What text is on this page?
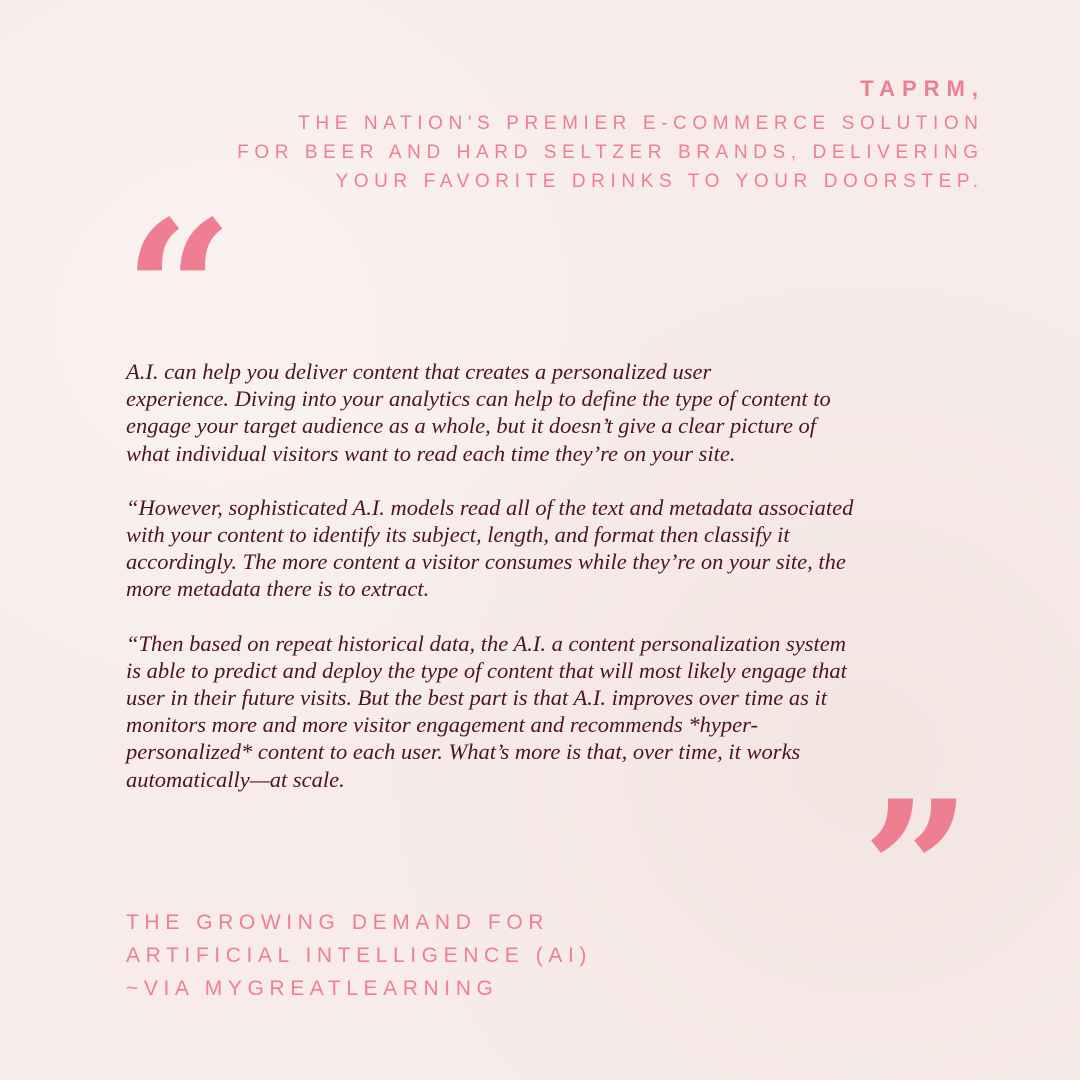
TAPRM,
THE NATION'S PREMIER E-COMMERCE SOLUTION
FOR BEER AND HARD SELTZER BRANDS, DELIVERING
YOUR FAVORITE DRINKS TO YOUR DOORSTEP.
“

A.I. can help you deliver content that creates a personalized user
experience. Diving into your analytics can help to define the type of content to
engage your target audience as a whole, but it doesn’t give a clear picture of
what individual visitors want to read each time they’re on your site.

“However, sophisticated A.I. models read all of the text and metadata associated
with your content to identify its subject, length, and format then classify it
accordingly. The more content a visitor consumes while they’re on your site, the
more metadata there is to extract.

“Then based on repeat historical data, the A.I. a content personalization system
is able to predict and deploy the type of content that will most likely engage that
user in their future visits. But the best part is that A.I. improves over time as it
monitors more and more visitor engagement and recommends *hyper-
personalized* content to each user. What’s more is that, over time, it works
automatically—at scale.	”
THE GROWING DEMAND FOR
ARTIFICIAL INTELLIGENCE (AI)
~VIA MYGREATLEARNING
